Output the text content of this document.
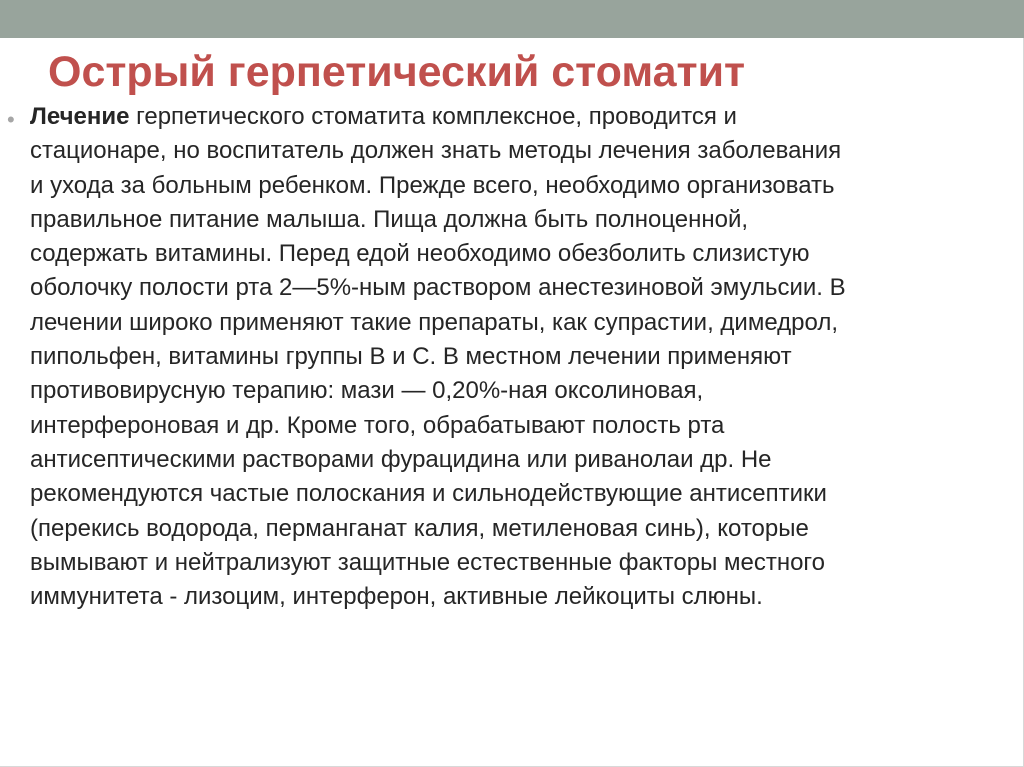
Острый герпетический стоматит
• Лечение герпетического стоматита комплексное, проводится и
стационаре, но воспитатель должен знать методы лечения заболевания
и ухода за больным ребенком. Прежде всего, необходимо организовать
правильное питание малыша. Пища должна быть полноценной,
содержать витамины. Перед едой необходимо обезболить слизистую
оболочку полости рта 2—5%-ным раствором анестезиновой эмульсии. В
лечении широко применяют такие препараты, как супрастии, димедрол,
пипольфен, витамины группы В и С. В местном лечении применяют
противовирусную терапию: мази — 0,20%-ная оксолиновая,
интерфероновая и др. Кроме того, обрабатывают полость рта
антисептическими растворами фурацидина или риванолаи др. Не
рекомендуются частые полоскания и сильнодействующие антисептики
(перекись водорода, перманганат калия, метиленовая синь), которые
вымывают и нейтрализуют защитные естественные факторы местного
иммунитета - лизоцим, интерферон, активные лейкоциты слюны.
